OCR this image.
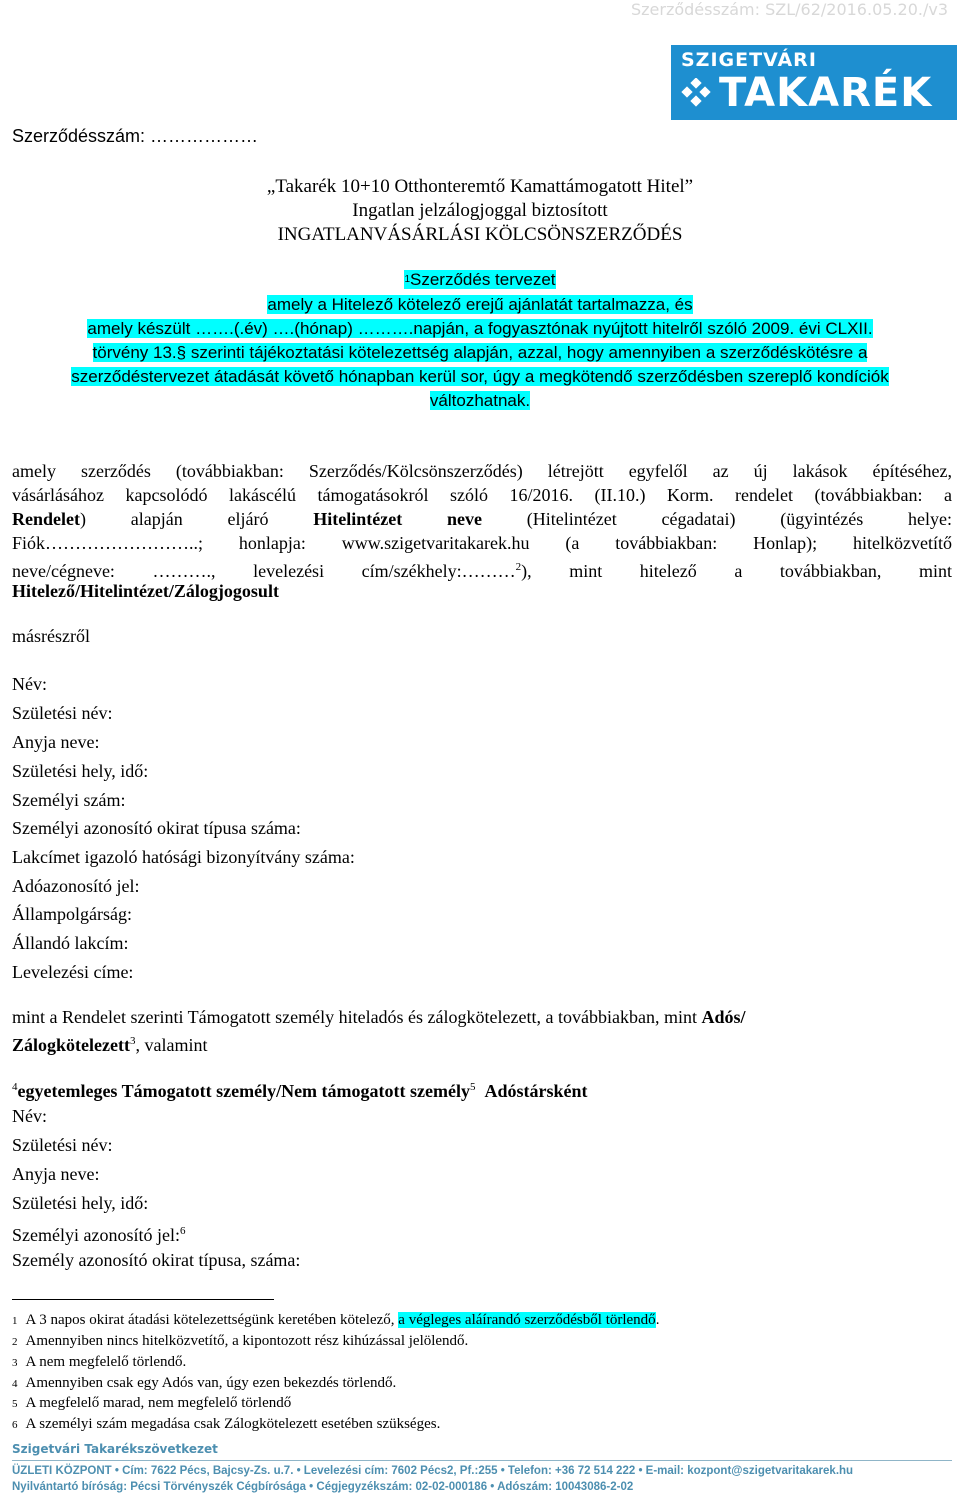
Szerződésszám: SZL/62/2016.05.20./v3
SZIGETVÁRI
TAKARÉK
Szerződésszám: ………………
„Takarék 10+10 Otthonteremtő Kamattámogatott Hitel”
Ingatlan jelzálogjoggal biztosított
INGATLANVÁSÁRLÁSI KÖLCSÖNSZERZŐDÉS
$^1$Szerződés tervezet
amely a Hitelező kötelező erejű ajánlatát tartalmazza, és
amely készült …….(.év) ….(hónap) ……….napján, a fogyasztónak nyújtott hitelről szóló 2009. évi CLXII.
törvény 13.§ szerinti tájékoztatási kötelezettség alapján, azzal, hogy amennyiben a szerződéskötésre a
szerződéstervezet átadását követő hónapban kerül sor, úgy a megkötendő szerződésben szereplő kondíciók
változhatnak.
amely szerződés (továbbiakban: Szerződés/Kölcsönszerződés) létrejött egyfelől az új lakások építéséhez,
vásárlásához kapcsolódó lakáscélú támogatásokról szóló 16/2016. (II.10.) Korm. rendelet (továbbiakban: a
Rendelet) alapján eljáró Hitelintézet neve (Hitelintézet cégadatai) (ügyintézés helye:
Fiók……………………..; honlapja: www.szigetvaritakarek.hu (a továbbiakban: Honlap); hitelközvetítő
neve/cégneve: ………., levelezési cím/székhely:………$^2$), mint hitelező a továbbiakban, mint
Hitelező/Hitelintézet/Zálogjogosult
másrészről
Név:
Születési név:
Anyja neve:
Születési hely, idő:
Személyi szám:
Személyi azonosító okirat típusa száma:
Lakcímet igazoló hatósági bizonyítvány száma:
Adóazonosító jel:
Állampolgárság:
Állandó lakcím:
Levelezési címe:
mint a Rendelet szerinti Támogatott személy hiteladós és zálogkötelezett, a továbbiakban, mint Adós/
Zálogkötelezett$^3$, valamint
$^4$egyetemleges Támogatott személy/Nem támogatott személy$^5$ Adóstársként
Név:
Születési név:
Anyja neve:
Születési hely, idő:
Személyi azonosító jel:$^6$
Személy azonosító okirat típusa, száma:
1 A 3 napos okirat átadási kötelezettségünk keretében kötelező, a végleges aláírandó szerződésből törlendő.
2 Amennyiben nincs hitelközvetítő, a kipontozott rész kihúzással jelölendő.
3 A nem megfelelő törlendő.
4 Amennyiben csak egy Adós van, úgy ezen bekezdés törlendő.
5 A megfelelő marad, nem megfelelő törlendő
6 A személyi szám megadása csak Zálogkötelezett esetében szükséges.
Szigetvári Takarékszövetkezet
ÜZLETI KÖZPONT • Cím: 7622 Pécs, Bajcsy-Zs. u.7. • Levelezési cím: 7602 Pécs2, Pf.:255 • Telefon: +36 72 514 222 • E-mail: kozpont@szigetvaritakarek.hu
Nyilvántartó bíróság: Pécsi Törvényszék Cégbírósága • Cégjegyzékszám: 02-02-000186 • Adószám: 10043086-2-02
